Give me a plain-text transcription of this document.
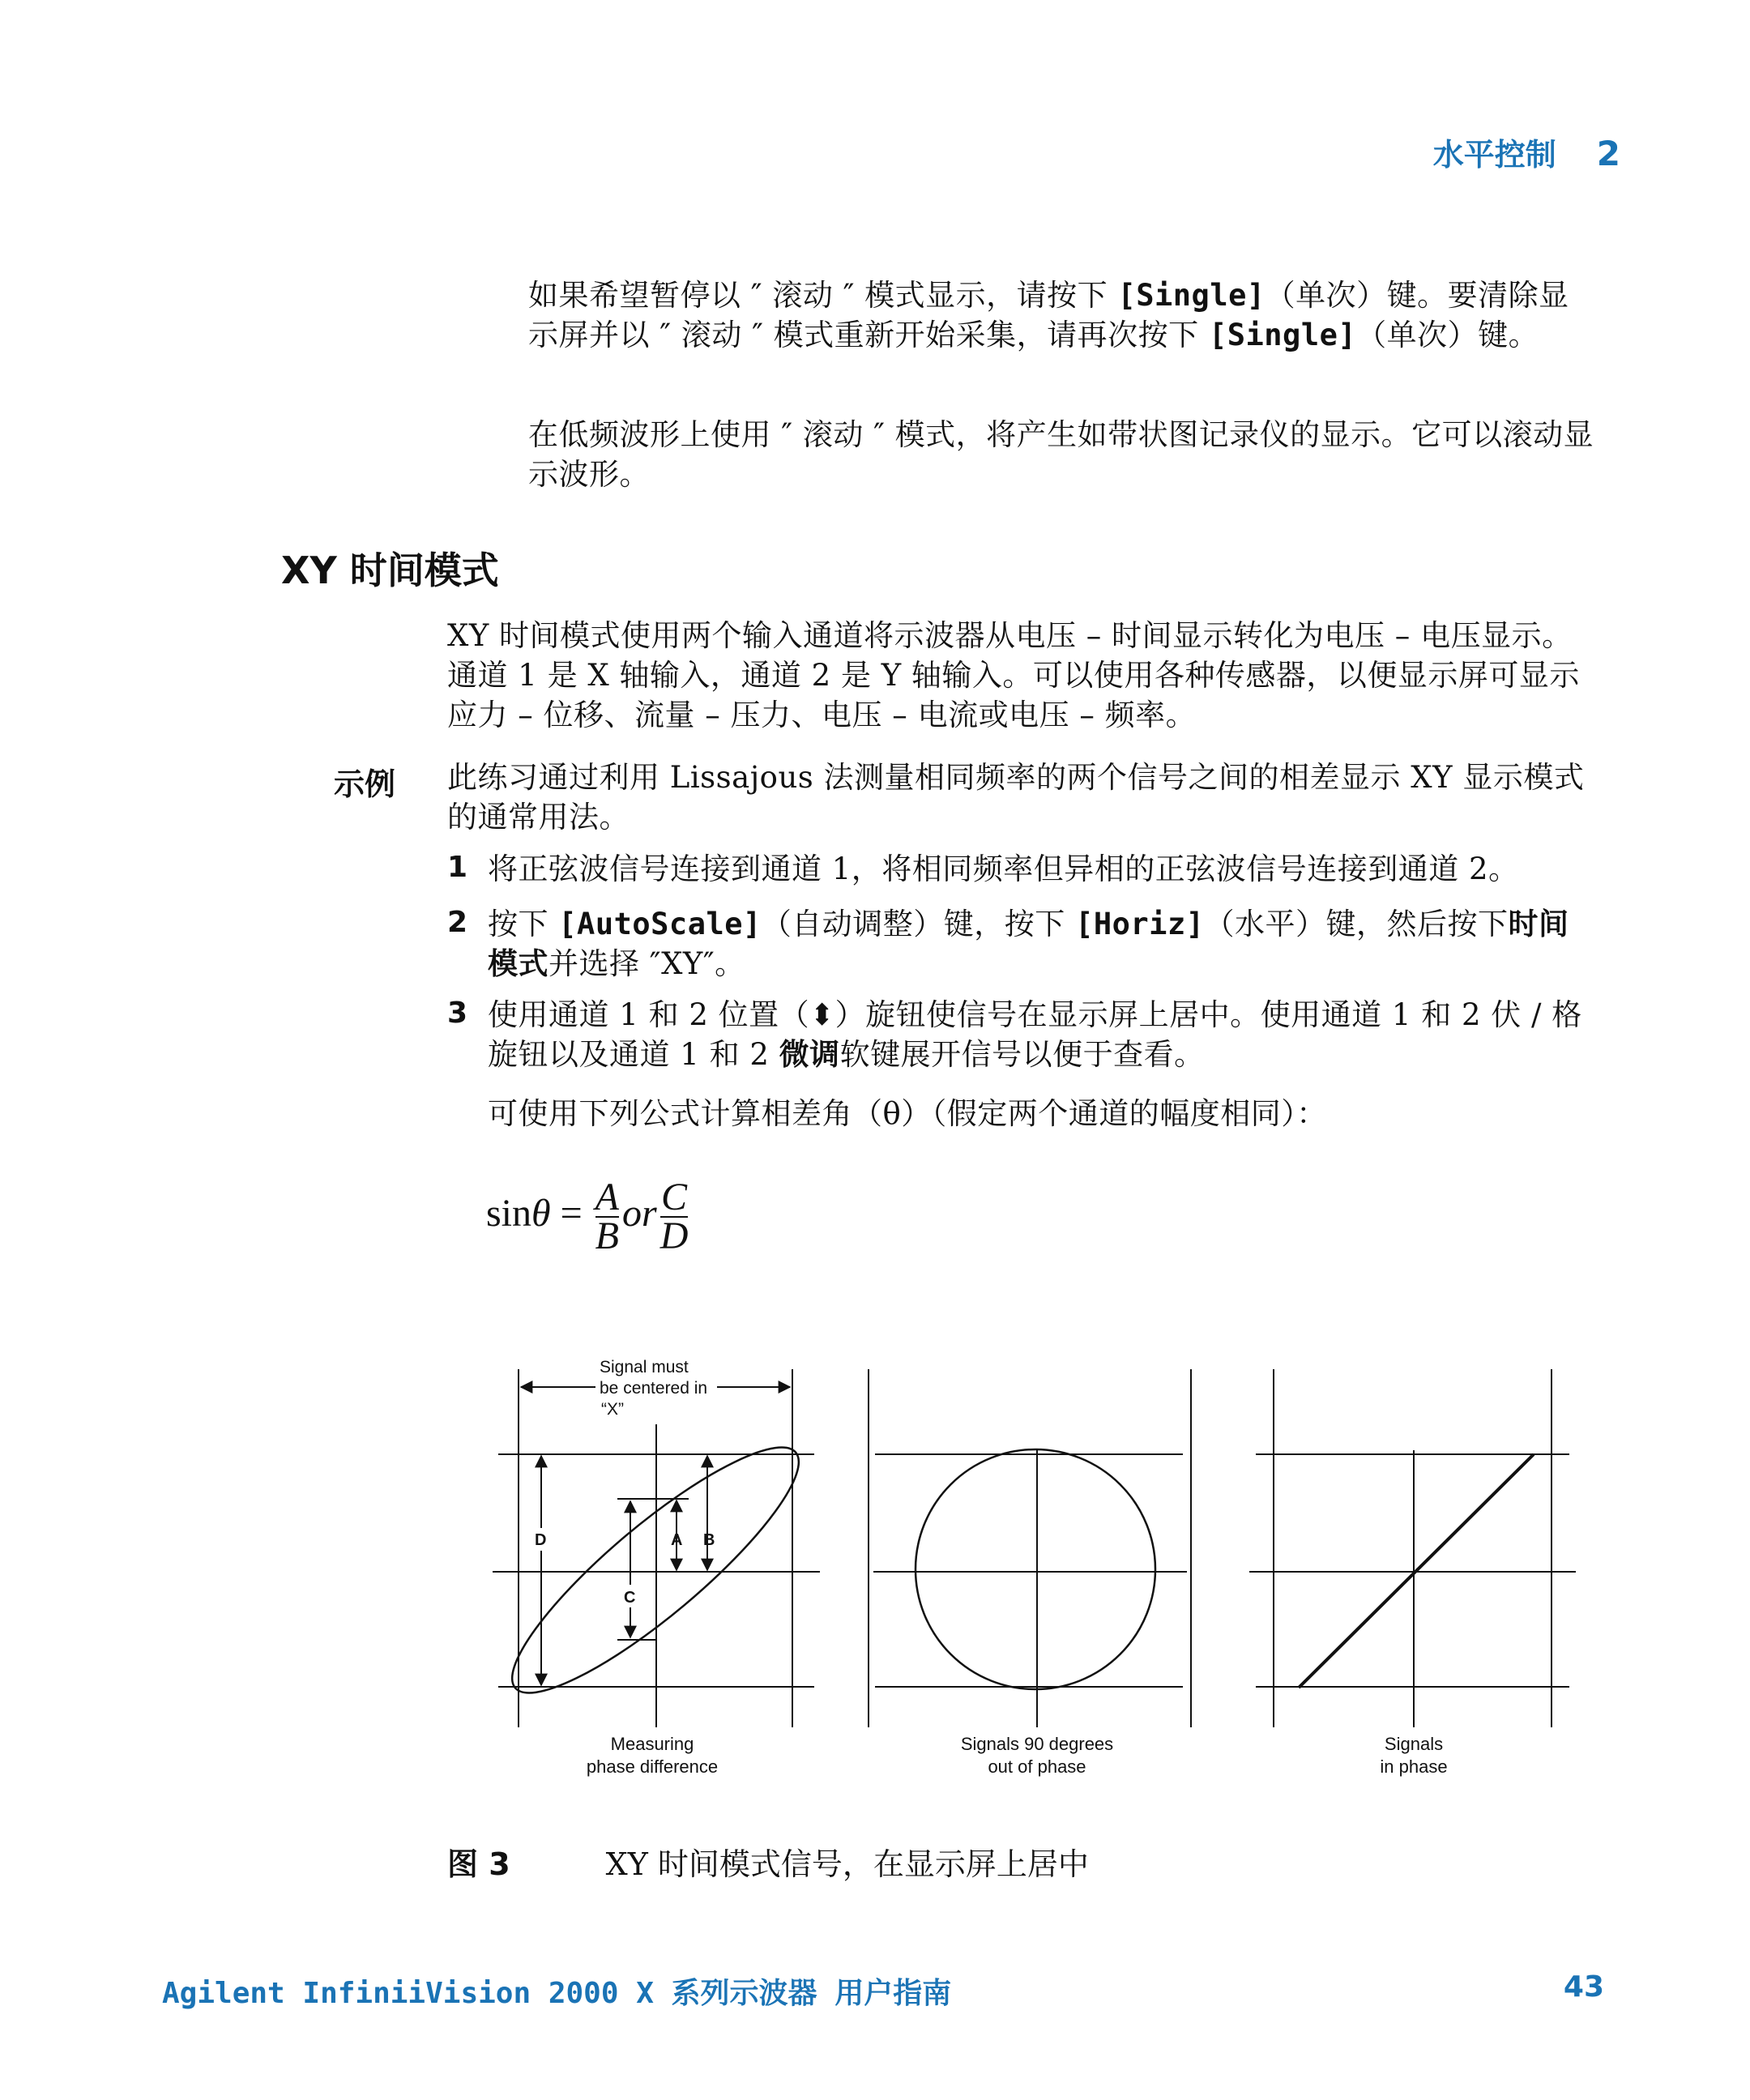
水平控制 2
如果希望暂停以 ″ 滚动 ″ 模式显示，请按下 [Single]（单次）键。要清除显示屏并以 ″ 滚动 ″ 模式重新开始采集，请再次按下 [Single]（单次）键。
在低频波形上使用 ″ 滚动 ″ 模式，将产生如带状图记录仪的显示。它可以滚动显示波形。
XY 时间模式
XY 时间模式使用两个输入通道将示波器从电压 – 时间显示转化为电压 – 电压显示。通道 1 是 X 轴输入，通道 2 是 Y 轴输入。可以使用各种传感器，以便显示屏可显示应力 – 位移、流量 – 压力、电压 – 电流或电压 – 频率。
示例 此练习通过利用 Lissajous 法测量相同频率的两个信号之间的相差显示 XY 显示模式的通常用法。
1 将正弦波信号连接到通道 1，将相同频率但异相的正弦波信号连接到通道 2。
2 按下 [AutoScale]（自动调整）键，按下 [Horiz]（水平）键，然后按下时间模式并选择 ″XY″。
3 使用通道 1 和 2 位置（⬍）旋钮使信号在显示屏上居中。使用通道 1 和 2 伏 / 格旋钮以及通道 1 和 2 微调软键展开信号以便于查看。
可使用下列公式计算相差角（θ）（假定两个通道的幅度相同）：
$\sin\theta = \frac{A}{B}$ or $\frac{C}{D}$
Signal must
be centered in
“X”
D	A B
C
Measuring
phase difference
Signals 90 degrees
out of phase
Signals
in phase
图 3	XY 时间模式信号，在显示屏上居中
Agilent InfiniiVision 2000 X 系列示波器 用户指南	43
